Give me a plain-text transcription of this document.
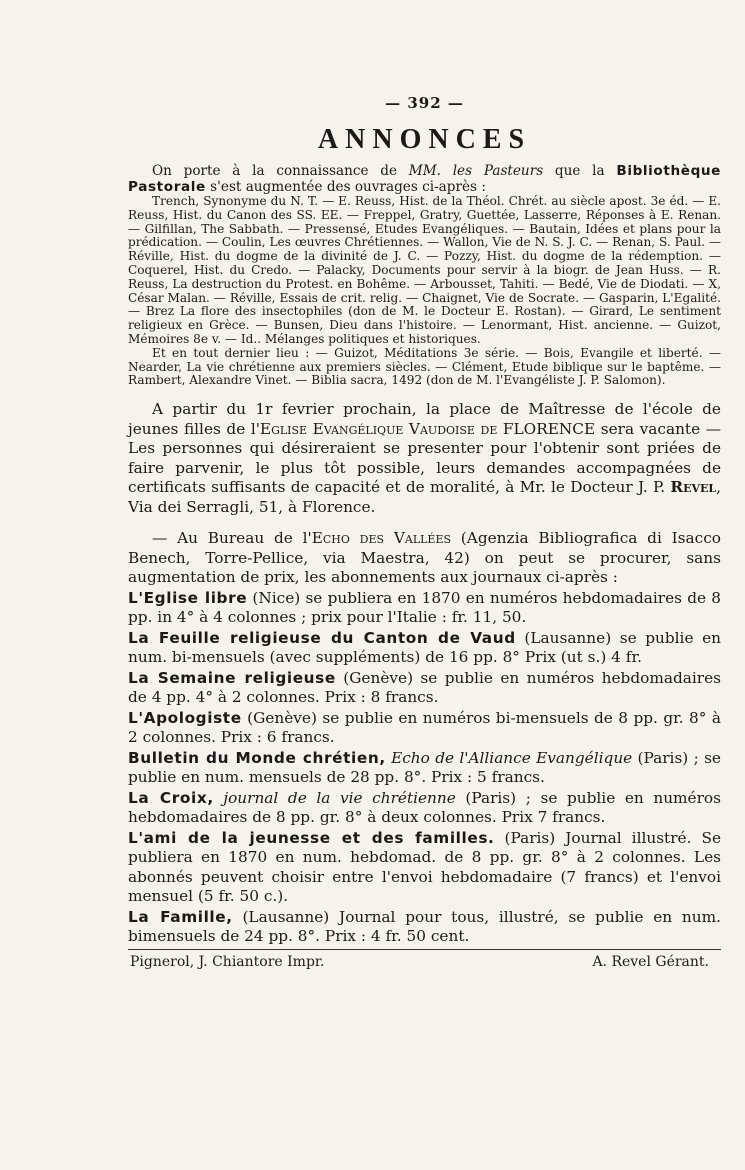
— 392 —
ANNONCES

On porte à la connaissance de MM. les Pasteurs que la Bibliothèque Pastorale s'est augmentée des ouvrages ci-après :

Trench, Synonyme du N. T. — E. Reuss, Hist. de la Théol. Chrét. au siècle apost. 3e éd. — E. Reuss, Hist. du Canon des SS. EE. — Freppel, Gratry, Guettée, Lasserre, Réponses à E. Renan. — Gilfillan, The Sabbath. — Pressensé, Etudes Evangéliques. — Bautain, Idées et plans pour la prédication. — Coulin, Les œuvres Chrétiennes. — Wallon, Vie de N. S. J. C. — Renan, S. Paul. — Réville, Hist. du dogme de la divinité de J. C. — Pozzy, Hist. du dogme de la rédemption. — Coquerel, Hist. du Credo. — Palacky, Documents pour servir à la biogr. de Jean Huss. — R. Reuss, La destruction du Protest. en Bohême. — Arbousset, Tahiti. — Bedé, Vie de Diodati. — X, César Malan. — Réville, Essais de crit. relig. — Chaignet, Vie de Socrate. — Gasparin, L'Egalité. — Brez La flore des insectophiles (don de M. le Docteur E. Rostan). — Girard, Le sentiment religieux en Grèce. — Bunsen, Dieu dans l'histoire. — Lenormant, Hist. ancienne. — Guizot, Mémoires 8e v. — Id.. Mélanges politiques et historiques.

Et en tout dernier lieu : — Guizot, Méditations 3e série. — Bois, Evangile et liberté. — Nearder, La vie chrétienne aux premiers siècles. — Clément, Etude biblique sur le baptême. — Rambert, Alexandre Vinet. — Biblia sacra, 1492 (don de M. l'Evangéliste J. P. Salomon).

A partir du 1r fevrier prochain, la place de Maîtresse de l'école de jeunes filles de l'Eglise Evangélique Vaudoise de FLORENCE sera vacante — Les personnes qui désireraient se presenter pour l'obtenir sont priées de faire parvenir, le plus tôt possible, leurs demandes accompagnées de certificats suffisants de capacité et de moralité, à Mr. le Docteur J. P. Revel, Via dei Serragli, 51, à Florence.

— Au Bureau de l'Echo des Vallées (Agenzia Bibliografica di Isacco Benech, Torre-Pellice, via Maestra, 42) on peut se procurer, sans augmentation de prix, les abonnements aux journaux ci-après :

L'Eglise libre (Nice) se publiera en 1870 en numéros hebdomadaires de 8 pp. in 4° à 4 colonnes ; prix pour l'Italie : fr. 11, 50.

La Feuille religieuse du Canton de Vaud (Lausanne) se publie en num. bi-mensuels (avec suppléments) de 16 pp. 8° Prix (ut s.) 4 fr.

La Semaine religieuse (Genève) se publie en numéros hebdomadaires de 4 pp. 4° à 2 colonnes. Prix : 8 francs.

L'Apologiste (Genève) se publie en numéros bi-mensuels de 8 pp. gr. 8° à 2 colonnes. Prix : 6 francs.

Bulletin du Monde chrétien, Echo de l'Alliance Evangélique (Paris) ; se publie en num. mensuels de 28 pp. 8°. Prix : 5 francs.

La Croix, journal de la vie chrétienne (Paris) ; se publie en numéros hebdomadaires de 8 pp. gr. 8° à deux colonnes. Prix 7 francs.

L'ami de la jeunesse et des familles. (Paris) Journal illustré. Se publiera en 1870 en num. hebdomad. de 8 pp. gr. 8° à 2 colonnes. Les abonnés peuvent choisir entre l'envoi hebdomadaire (7 francs) et l'envoi mensuel (5 fr. 50 c.).

La Famille, (Lausanne) Journal pour tous, illustré, se publie en num. bimensuels de 24 pp. 8°. Prix : 4 fr. 50 cent.

Pignerol, J. Chiantore Impr.	A. Revel Gérant.
